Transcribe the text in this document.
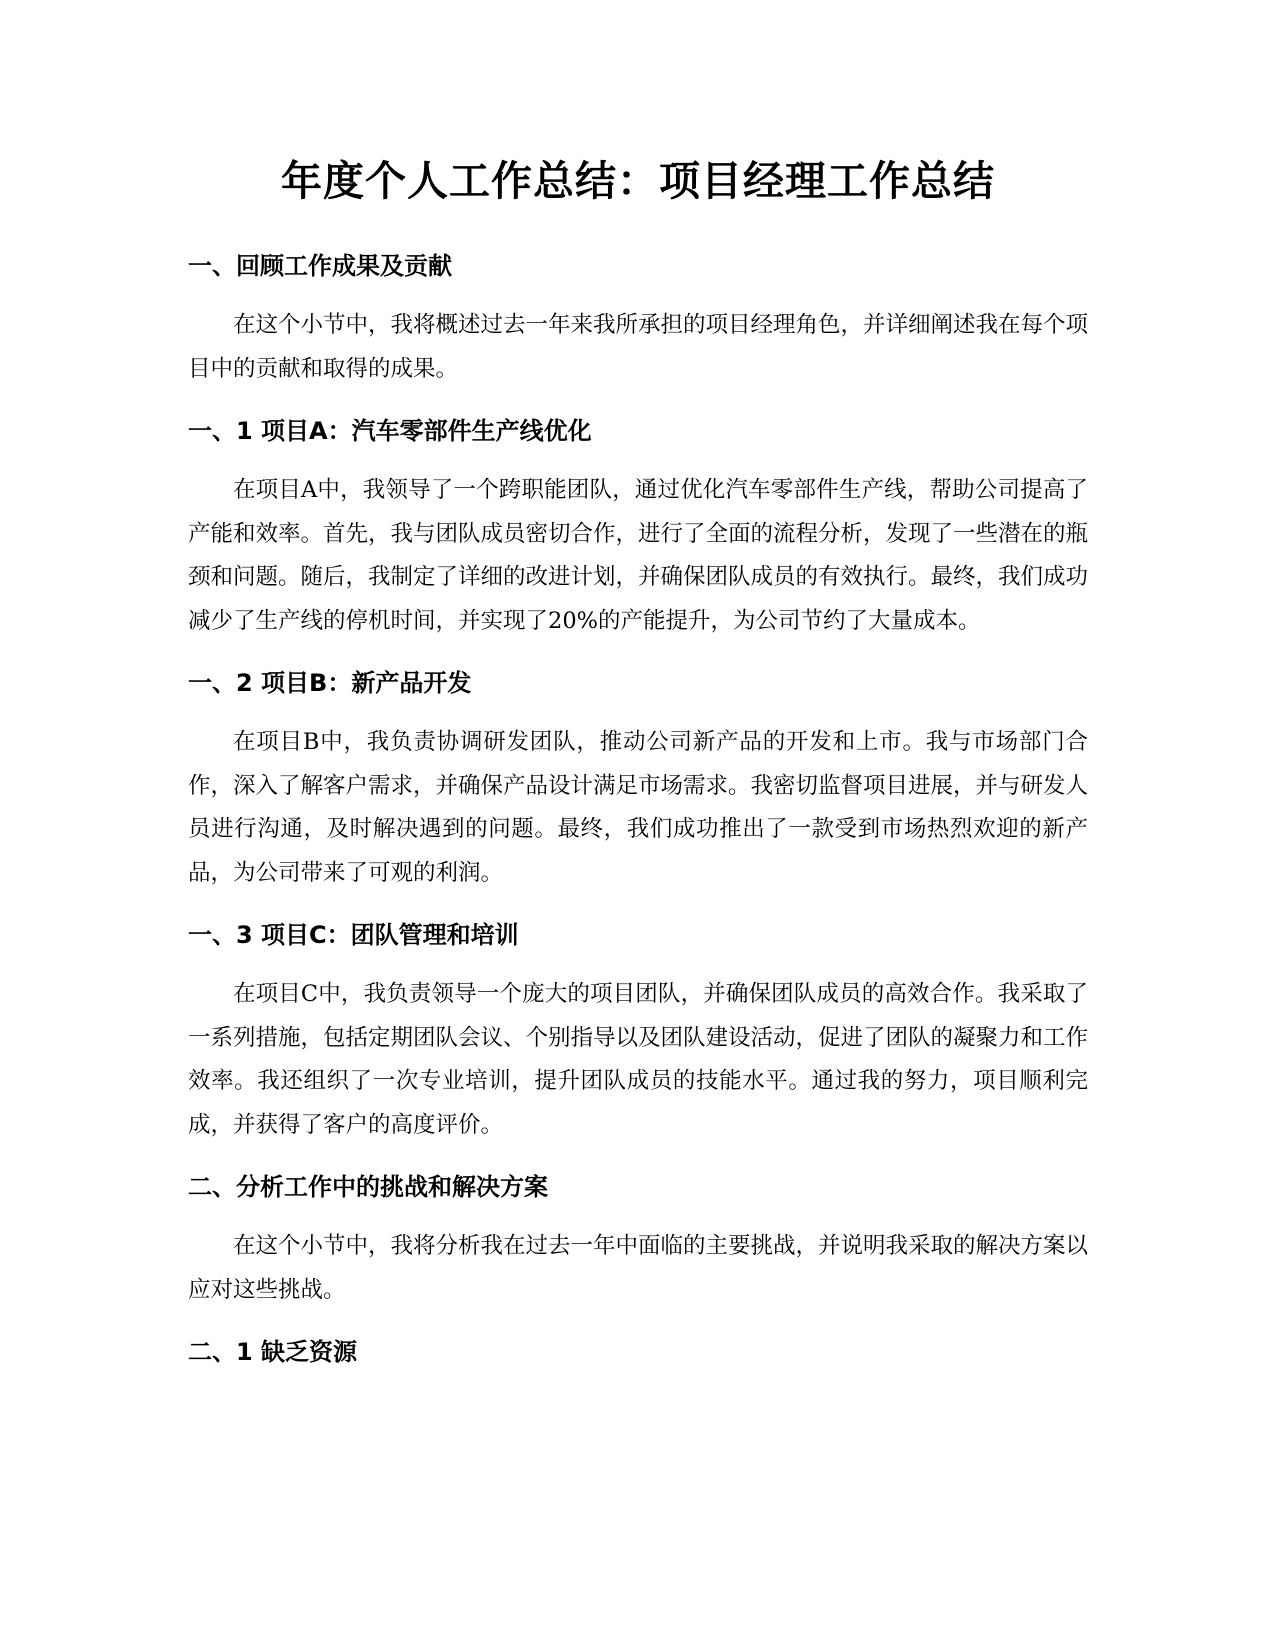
年度个人工作总结：项目经理工作总结
一、回顾工作成果及贡献

在这个小节中，我将概述过去一年来我所承担的项目经理角色，并详细阐述我在每个项目中的贡献和取得的成果。

一、1 项目A：汽车零部件生产线优化

在项目A中，我领导了一个跨职能团队，通过优化汽车零部件生产线，帮助公司提高了产能和效率。首先，我与团队成员密切合作，进行了全面的流程分析，发现了一些潜在的瓶颈和问题。随后，我制定了详细的改进计划，并确保团队成员的有效执行。最终，我们成功减少了生产线的停机时间，并实现了20%的产能提升，为公司节约了大量成本。

一、2 项目B：新产品开发

在项目B中，我负责协调研发团队，推动公司新产品的开发和上市。我与市场部门合作，深入了解客户需求，并确保产品设计满足市场需求。我密切监督项目进展，并与研发人员进行沟通，及时解决遇到的问题。最终，我们成功推出了一款受到市场热烈欢迎的新产品，为公司带来了可观的利润。

一、3 项目C：团队管理和培训

在项目C中，我负责领导一个庞大的项目团队，并确保团队成员的高效合作。我采取了一系列措施，包括定期团队会议、个别指导以及团队建设活动，促进了团队的凝聚力和工作效率。我还组织了一次专业培训，提升团队成员的技能水平。通过我的努力，项目顺利完成，并获得了客户的高度评价。

二、分析工作中的挑战和解决方案

在这个小节中，我将分析我在过去一年中面临的主要挑战，并说明我采取的解决方案以应对这些挑战。

二、1 缺乏资源
